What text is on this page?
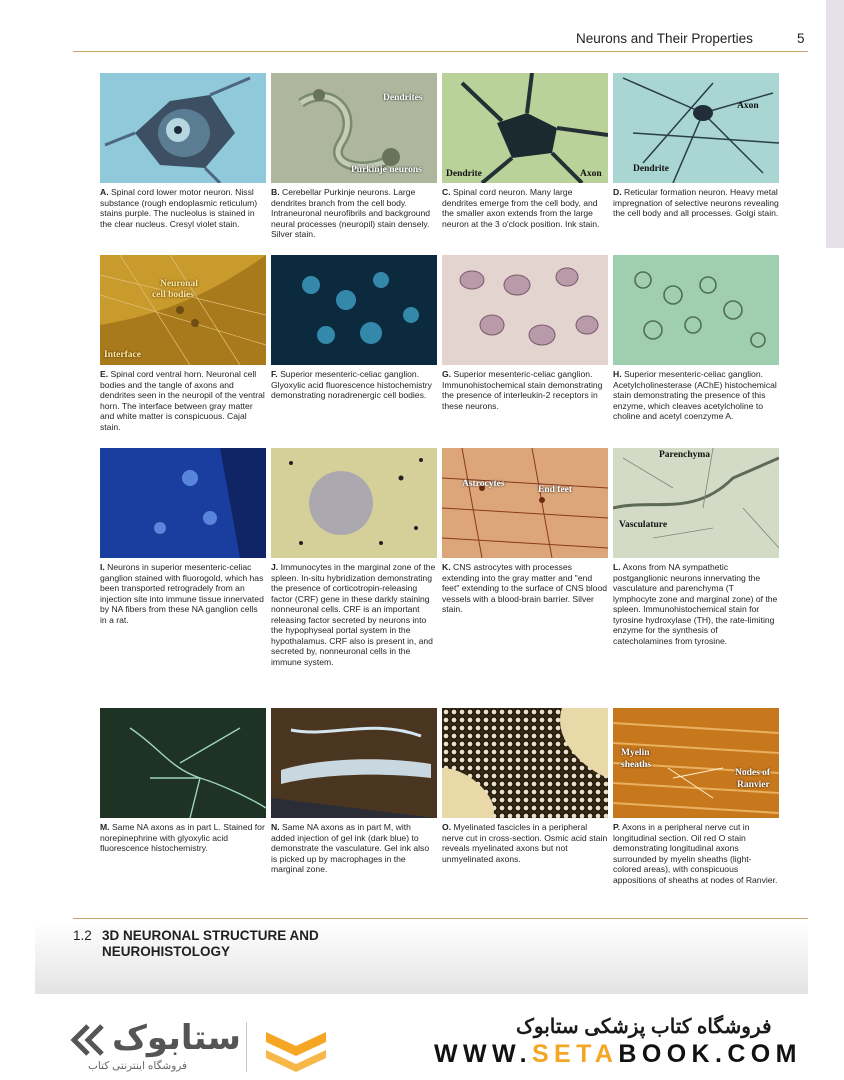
Neurons and Their Properties	5
A. Spinal cord lower motor neuron. Nissl substance (rough endoplasmic reticulum) stains purple. The nucleolus is stained in the clear nucleus. Cresyl violet stain.
Dendrites
Purkinje neurons
B. Cerebellar Purkinje neurons. Large dendrites branch from the cell body. Intraneuronal neurofibrils and background neural processes (neuropil) stain densely. Silver stain.
Dendrite	Axon
C. Spinal cord neuron. Many large dendrites emerge from the cell body, and the smaller axon extends from the large neuron at the 3 o'clock position. Ink stain.
Axon
Dendrite
D. Reticular formation neuron. Heavy metal impregnation of selective neurons revealing the cell body and all processes. Golgi stain.
Neuronal
cell bodies
Interface
E. Spinal cord ventral horn. Neuronal cell bodies and the tangle of axons and dendrites seen in the neuropil of the ventral horn. The interface between gray matter and white matter is conspicuous. Cajal stain.
F. Superior mesenteric-celiac ganglion. Glyoxylic acid fluorescence histochemistry demonstrating noradrenergic cell bodies.
G. Superior mesenteric-celiac ganglion. Immunohistochemical stain demonstrating the presence of interleukin-2 receptors in these neurons.
H. Superior mesenteric-celiac ganglion. Acetylcholinesterase (AChE) histochemical stain demonstrating the presence of this enzyme, which cleaves acetylcholine to choline and acetyl coenzyme A.
I. Neurons in superior mesenteric-celiac ganglion stained with fluorogold, which has been transported retrogradely from an injection site into immune tissue innervated by NA fibers from these NA ganglion cells in a rat.
J. Immunocytes in the marginal zone of the spleen. In-situ hybridization demonstrating the presence of corticotropin-releasing factor (CRF) gene in these darkly staining nonneuronal cells. CRF is an important releasing factor secreted by neurons into the hypophyseal portal system in the hypothalamus. CRF also is present in, and secreted by, nonneuronal cells in the immune system.
Astrocytes
End feet
K. CNS astrocytes with processes extending into the gray matter and "end feet" extending to the surface of CNS blood vessels with a blood-brain barrier. Silver stain.
Parenchyma
Vasculature
L. Axons from NA sympathetic postganglionic neurons innervating the vasculature and parenchyma (T lymphocyte zone and marginal zone) of the spleen. Immunohistochemical stain for tyrosine hydroxylase (TH), the rate-limiting enzyme for the synthesis of catecholamines from tyrosine.
M. Same NA axons as in part L. Stained for norepinephrine with glyoxylic acid fluorescence histochemistry.
N. Same NA axons as in part M, with added injection of gel ink (dark blue) to demonstrate the vasculature. Gel ink also is picked up by macrophages in the marginal zone.
O. Myelinated fascicles in a peripheral nerve cut in cross-section. Osmic acid stain reveals myelinated axons but not unmyelinated axons.
Myelin
sheaths
Nodes of
Ranvier
P. Axons in a peripheral nerve cut in longitudinal section. Oil red O stain demonstrating longitudinal axons surrounded by myelin sheaths (light-colored areas), with conspicuous appositions of sheaths at nodes of Ranvier.
1.2 3D NEURONAL STRUCTURE AND
NEUROHISTOLOGY
ستابوک
فروشگاه اینترنتی کتاب
فروشگاه کتاب پزشکی ستابوک
WWW.SETABOOK.COM
